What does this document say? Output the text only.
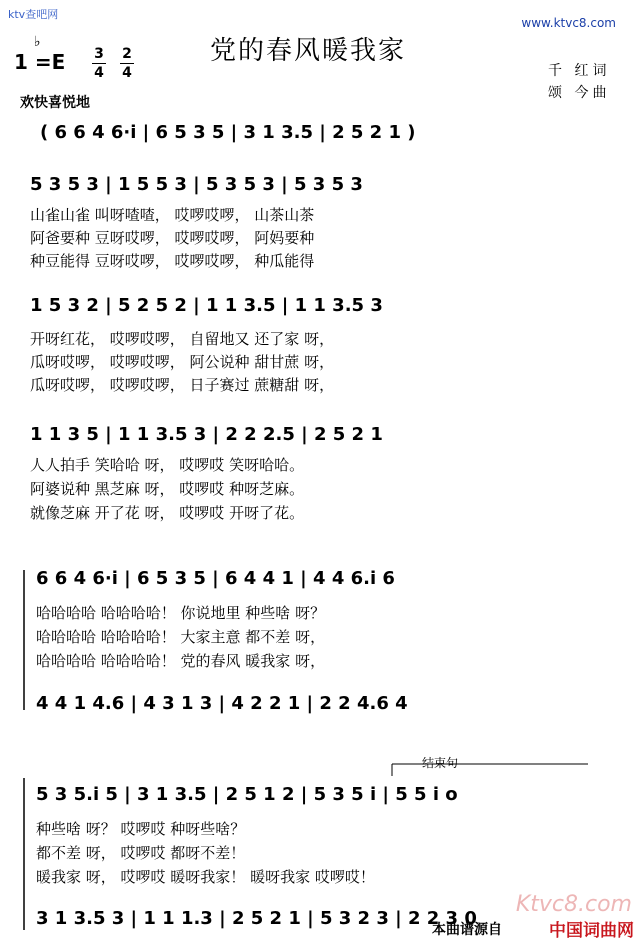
ktv查吧网
www.ktvc8.com
党的春风暖我家
♭
1 =E 3
4
2
4
欢快喜悦地
千 红词
颂 今曲
( 6 6 4 6·i | 6 5 3 5 | 3 1 3.5 | 2 5 2 1 )
5 3 5 3 | 1 5 5 3 | 5 3 5 3 | 5 3 5 3
山雀山雀 叫呀喳喳， 哎啰哎啰， 山茶山茶
阿爸要种 豆呀哎啰， 哎啰哎啰， 阿妈要种
种豆能得 豆呀哎啰， 哎啰哎啰， 种瓜能得
1 5 3 2 | 5 2 5 2 | 1 1 3.5 | 1 1 3.5 3
开呀红花， 哎啰哎啰， 自留地又 还了家 呀，
瓜呀哎啰， 哎啰哎啰， 阿公说种 甜甘蔗 呀，
瓜呀哎啰， 哎啰哎啰， 日子赛过 蔗糖甜 呀，
1 1 3 5 | 1 1 3.5 3 | 2 2 2.5 | 2 5 2 1
人人拍手 笑哈哈 呀， 哎啰哎 笑呀哈哈。
阿婆说种 黑芝麻 呀， 哎啰哎 种呀芝麻。
就像芝麻 开了花 呀， 哎啰哎 开呀了花。
6 6 4 6·i | 6 5 3 5 | 6 4 4 1 | 4 4 6.i 6
哈哈哈哈 哈哈哈哈！ 你说地里 种些啥 呀？
哈哈哈哈 哈哈哈哈！ 大家主意 都不差 呀，
哈哈哈哈 哈哈哈哈！ 党的春风 暖我家 呀，
4 4 1 4.6 | 4 3 1 3 | 4 2 2 1 | 2 2 4.6 4
结束句
5 3 5.i 5 | 3 1 3.5 | 2 5 1 2 | 5 3 5 i | 5 5 i o
种些啥 呀？ 哎啰哎 种呀些啥？
都不差 呀， 哎啰哎 都呀不差！
暖我家 呀， 哎啰哎 暖呀我家！ 暖呀我家 哎啰哎！
3 1 3.5 3 | 1 1 1.3 | 2 5 2 1 | 5 3 2 3 | 2 2 3 0
Ktvc8.com
本曲谱源自	中国词曲网
